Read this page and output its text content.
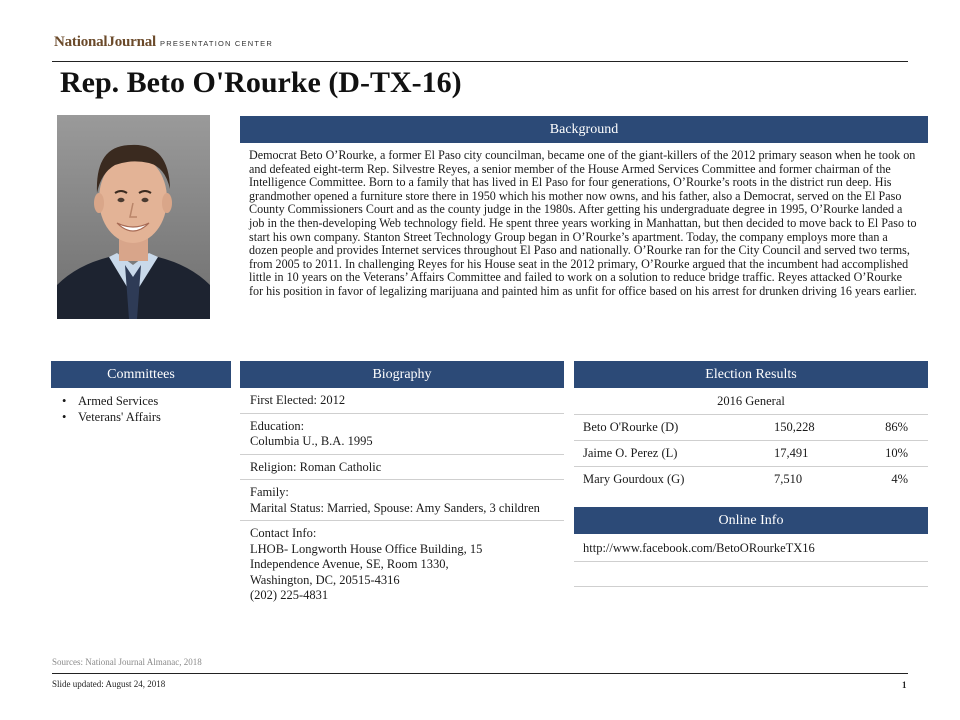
NationalJournal PRESENTATION CENTER
Rep. Beto O'Rourke (D-TX-16)
Background

Democrat Beto O’Rourke, a former El Paso city councilman, became one of the giant-killers of the 2012 primary season when he took on and defeated eight-term Rep. Silvestre Reyes, a senior member of the House Armed Services Committee and former chairman of the Intelligence Committee. Born to a family that has lived in El Paso for four generations, O’Rourke’s roots in the district run deep. His grandmother opened a furniture store there in 1950 which his mother now owns, and his father, also a Democrat, served on the El Paso County Commissioners Court and as the county judge in the 1980s. After getting his undergraduate degree in 1995, O’Rourke landed a job in the then-developing Web technology field. He spent three years working in Manhattan, but then decided to move back to El Paso to start his own company. Stanton Street Technology Group began in O’Rourke’s apartment. Today, the company employs more than a dozen people and provides Internet services throughout El Paso and nationally. O’Rourke ran for the City Council and served two terms, from 2005 to 2011. In challenging Reyes for his House seat in the 2012 primary, O’Rourke argued that the incumbent had accomplished little in 10 years on the Veterans’ Affairs Committee and failed to work on a solution to reduce bridge traffic. Reyes attacked O’Rourke for his position in favor of legalizing marijuana and painted him as unfit for office based on his arrest for drunken driving 16 years earlier.

Committees
• Armed Services
• Veterans' Affairs
Biography
First Elected: 2012
Education:
Columbia U., B.A. 1995
Religion: Roman Catholic
Family:
Marital Status: Married, Spouse: Amy Sanders, 3 children
Contact Info:
LHOB- Longworth House Office Building, 15 Independence Avenue, SE, Room 1330,
Washington, DC, 20515-4316
(202) 225-4831
Election Results
2016 General
Beto O'Rourke (D)	150,228	86%
Jaime O. Perez (L)	17,491	10%
Mary Gourdoux (G)	7,510	4%
Online Info
http://www.facebook.com/BetoORourkeTX16
Sources: National Journal Almanac, 2018
Slide updated: August 24, 2018	1
